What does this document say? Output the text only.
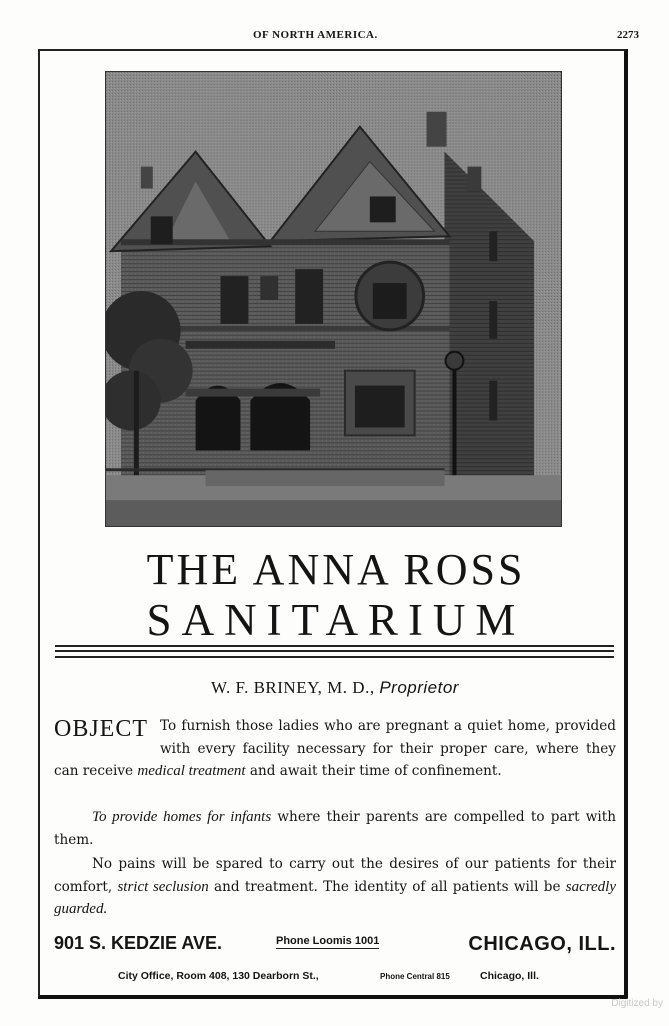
OF NORTH AMERICA.	2273
THE ANNA ROSS
SANITARIUM
W. F. BRINEY, M. D., Proprietor
OBJECT To furnish those ladies who are pregnant a quiet home, provided with every facility necessary for their proper care, where they can receive medical treatment and await their time of confinement.

To provide homes for infants where their parents are compelled to part with them.

No pains will be spared to carry out the desires of our patients for their comfort, strict seclusion and treatment. The identity of all patients will be sacredly guarded.

901 S. KEDZIE AVE.	Phone Loomis 1001	CHICAGO, ILL.
City Office, Room 408, 130 Dearborn St.,	Phone Central 815	Chicago, Ill.
Digitized by
